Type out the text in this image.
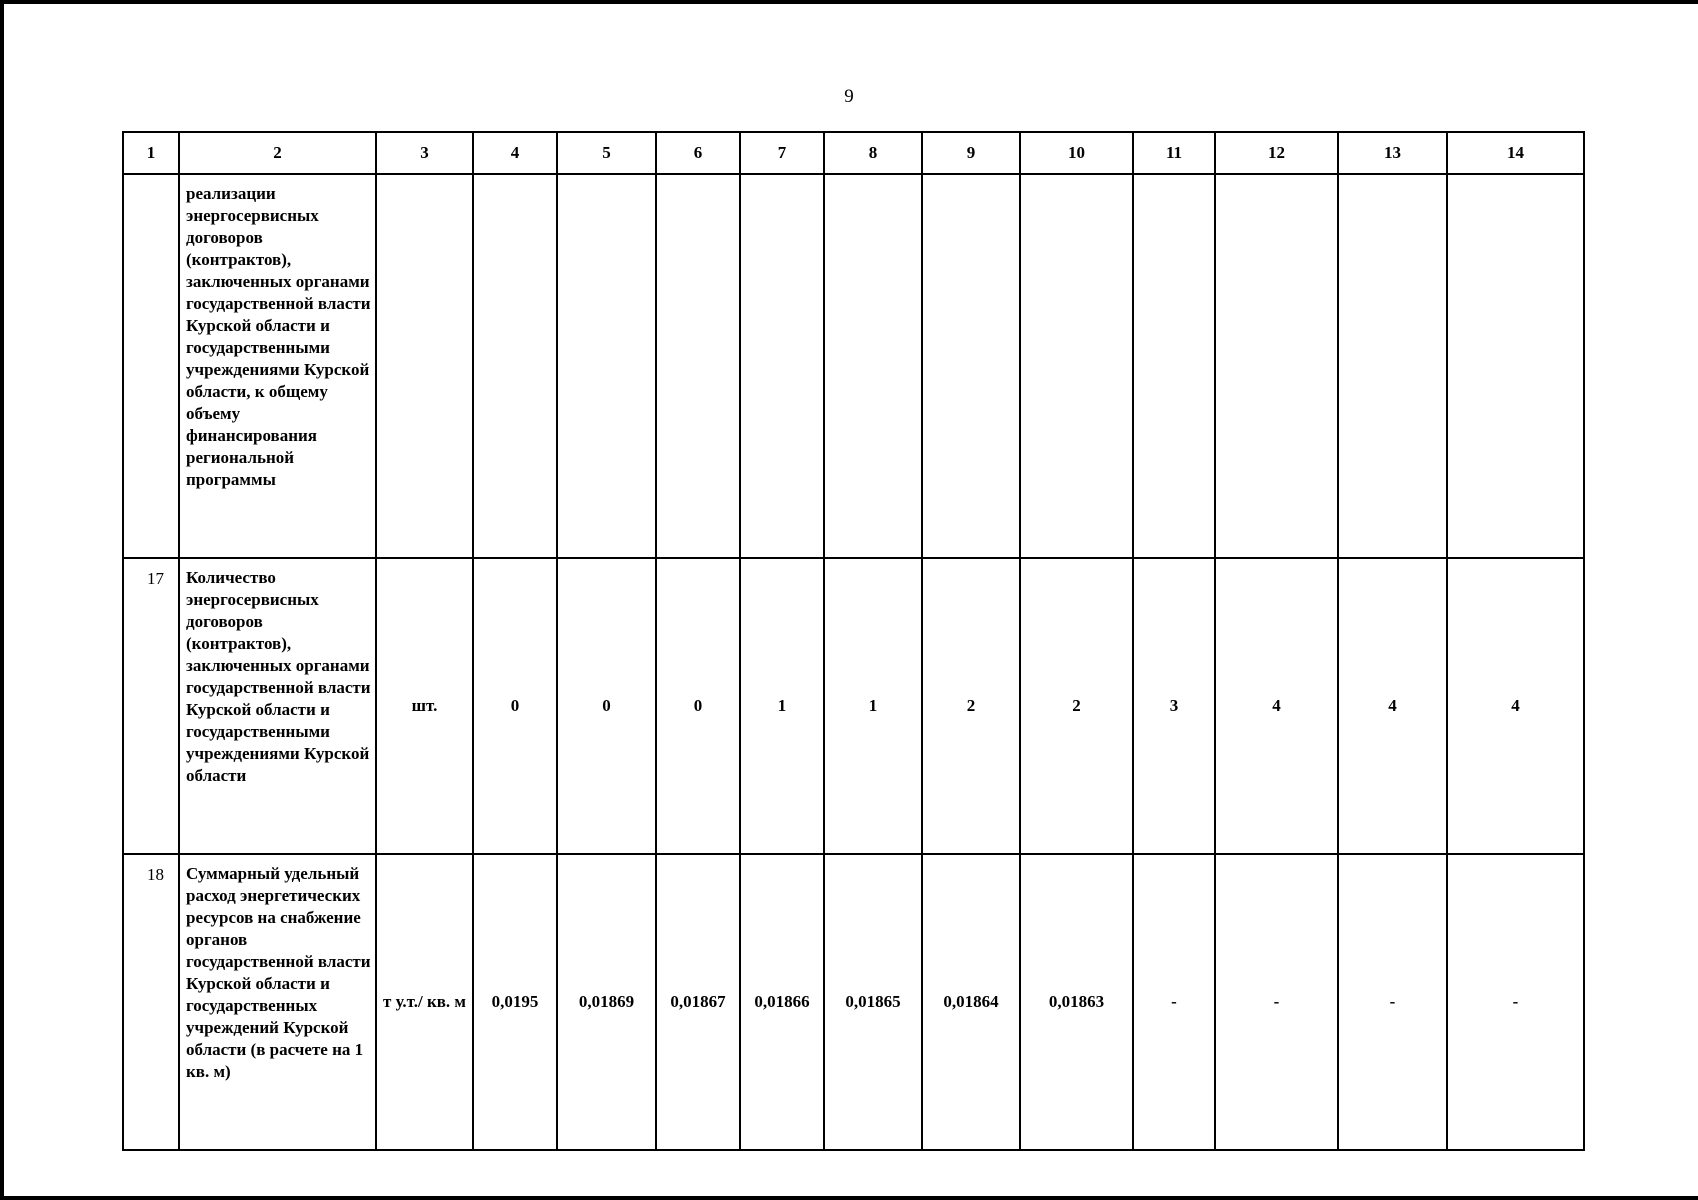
9
1	2	3	4	5	6	7	8	9	10	11	12	13	14
	реализации энергосервисных договоров (контрактов), заключенных органами государственной власти Курской области и государственными учреждениями Курской области, к общему объему финансирования региональной программы												
17	Количество энергосервисных договоров (контрактов), заключенных органами государственной власти Курской области и государственными учреждениями Курской области	шт.	0	0	0	1	1	2	2	3	4	4	4
18	Суммарный удельный расход энергетических ресурсов на снабжение органов государственной власти Курской области и государственных учреждений Курской области (в расчете на 1 кв. м)	т у.т./ кв. м	0,0195	0,01869	0,01867	0,01866	0,01865	0,01864	0,01863	-	-	-	-
